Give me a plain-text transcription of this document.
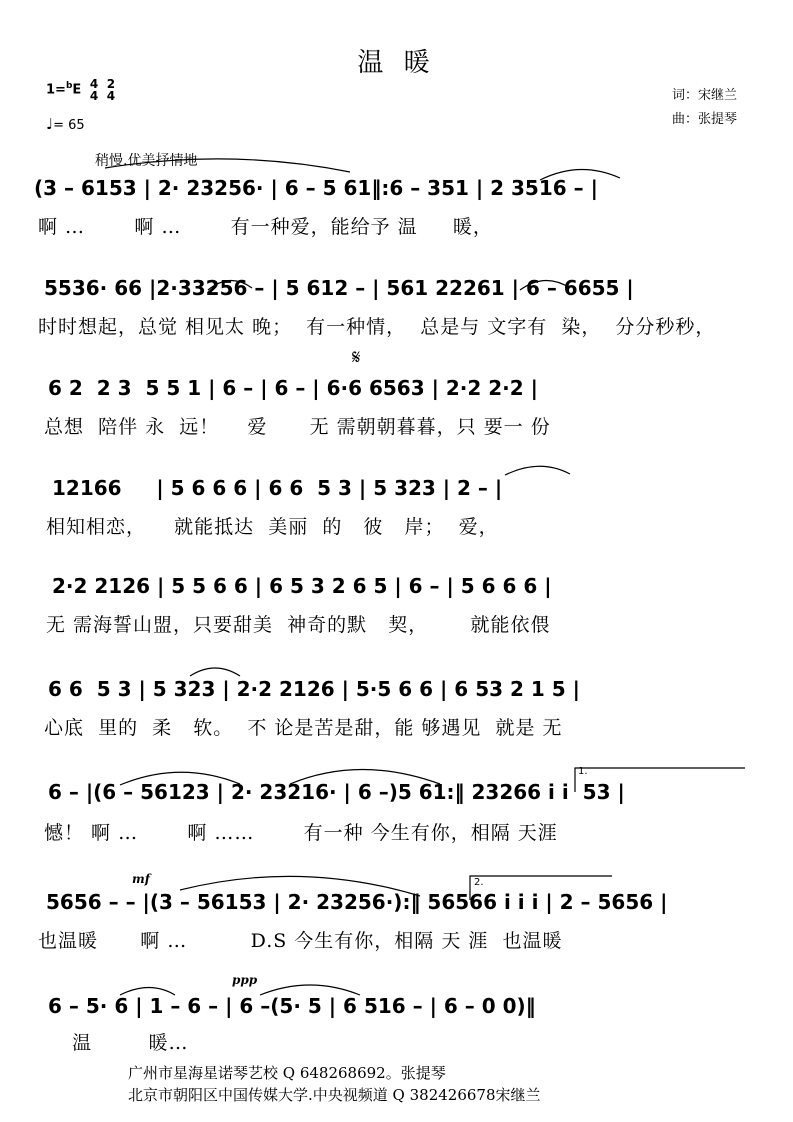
温 暖
词：宋继兰
曲：张提琴
1=$^b$E 4
4 2
4
♩= 65
稍慢.优美抒情地
mf
ppp
𝄋
(3 – 6153 | 2· 23256· | 6 – 5 61‖:6 – 351 | 2 3516 – |
啊 …       啊 …       有一种爱，能给予 温     暖，
5536· 66 |2·33256 – | 5 612 – | 561 22261 | 6 – 6655 |
时时想起，总觉 相见太 晚；  有一种情，  总是与 文字有  染，  分分秒秒，
6 2  2 3  5 5 1 | 6 – | 6 – | 6·6 6563 | 2·2 2·2 |
总想  陪伴 永  远！    爱      无 需朝朝暮暮，只 要一 份
12166     | 5 6 6 6 | 6 6  5 3 | 5 323 | 2 – |
相知相恋，    就能抵达  美丽  的   彼   岸；  爱，
2·2 2126 | 5 5 6 6 | 6 5 3 2 6 5 | 6 – | 5 6 6 6 |
无 需海誓山盟，只要甜美  神奇的默   契，      就能依偎
6 6  5 3 | 5 323 | 2·2 2126 | 5·5 6 6 | 6 53 2 1 5 |
心底  里的  柔   软。  不 论是苦是甜，能 够遇见  就是 无
6 – |(6 – 56123 | 2· 23216· | 6 –)5 61:‖ 23266 i i  53 |
憾！ 啊 …       啊 ……       有一种 今生有你，相隔 天涯
1.
5656 – – |(3 – 56153 | 2· 23256·):‖ 56566 i i i | 2 – 5656 |
也温暖      啊 …         D.S 今生有你，相隔 天 涯  也温暖
2.
6 – 5· 6 | 1 – 6 – | 6 –(5· 5 | 6 516 – | 6 – 0 0)‖
温        暖…
广州市星海星诺琴艺校 Q 648268692。张提琴
北京市朝阳区中国传媒大学.中央视频道 Q 382426678宋继兰
